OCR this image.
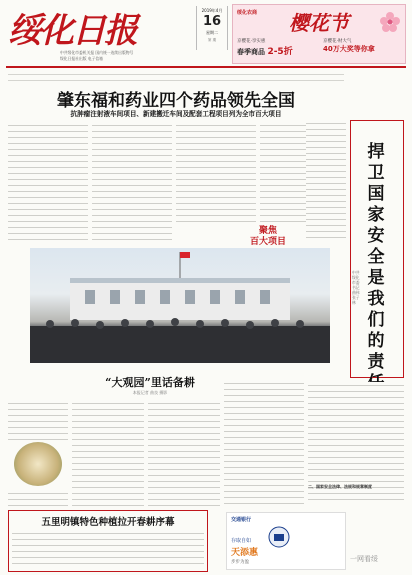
绥化日报
中共绥化市委机关报 国内统一连续出版物号
绥化日报社出版 电子信箱
2019年4月
16
星期二
第 期
绥化农商 樱花节
京樱花·享实惠
春季商品 2-5折
京樱花·财大气
40万大奖等你拿
肇东福和药业四个药品领先全国
抗肿瘤注射液车间项目、新建搬迁车间及配套工程项目列为全市百大项目
聚焦
百大项目
捍卫国家安全是我们的责
中共绥化市委书记 曲伟 张子林
二、国家安全法律、法规和规章制度
“大观园”里话备耕
本报记者 曲良 摄影
五里明镇特色种植拉开春耕序幕	交通银行
存取自如
天添惠
步步为盈	一网看绥
